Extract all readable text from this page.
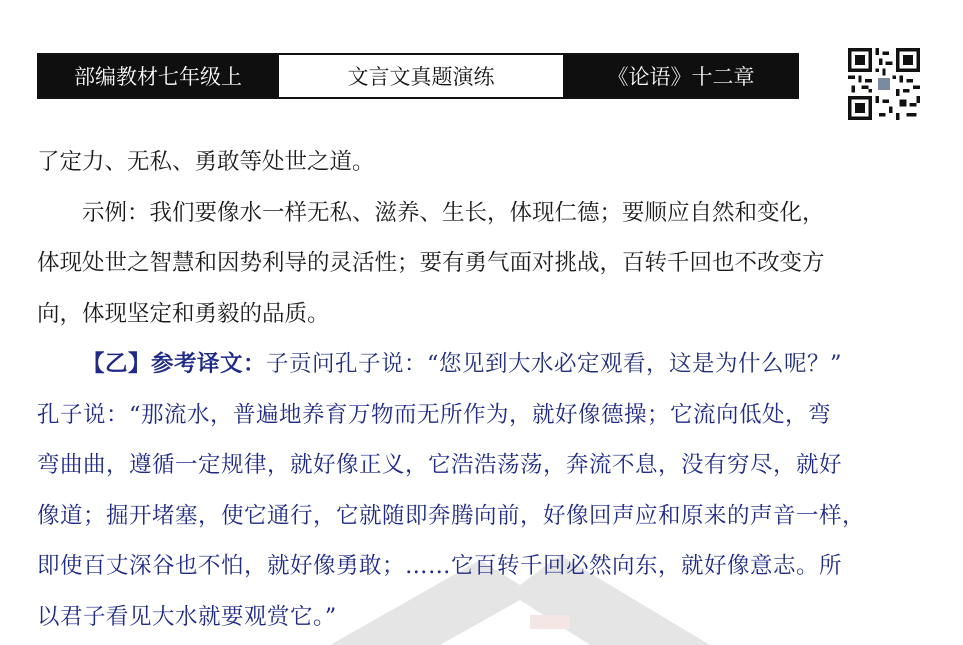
部编教材七年级上	文言文真题演练	《论语》十二章
了定力、无私、勇敢等处世之道。
示例：我们要像水一样无私、滋养、生长，体现仁德；要顺应自然和变化，
体现处世之智慧和因势利导的灵活性；要有勇气面对挑战，百转千回也不改变方
向，体现坚定和勇毅的品质。
【乙】参考译文：子贡问孔子说：“您见到大水必定观看，这是为什么呢？”
孔子说：“那流水，普遍地养育万物而无所作为，就好像德操；它流向低处，弯
弯曲曲，遵循一定规律，就好像正义，它浩浩荡荡，奔流不息，没有穷尽，就好
像道；掘开堵塞，使它通行，它就随即奔腾向前，好像回声应和原来的声音一样，
即使百丈深谷也不怕，就好像勇敢；……它百转千回必然向东，就好像意志。所
以君子看见大水就要观赏它。”
